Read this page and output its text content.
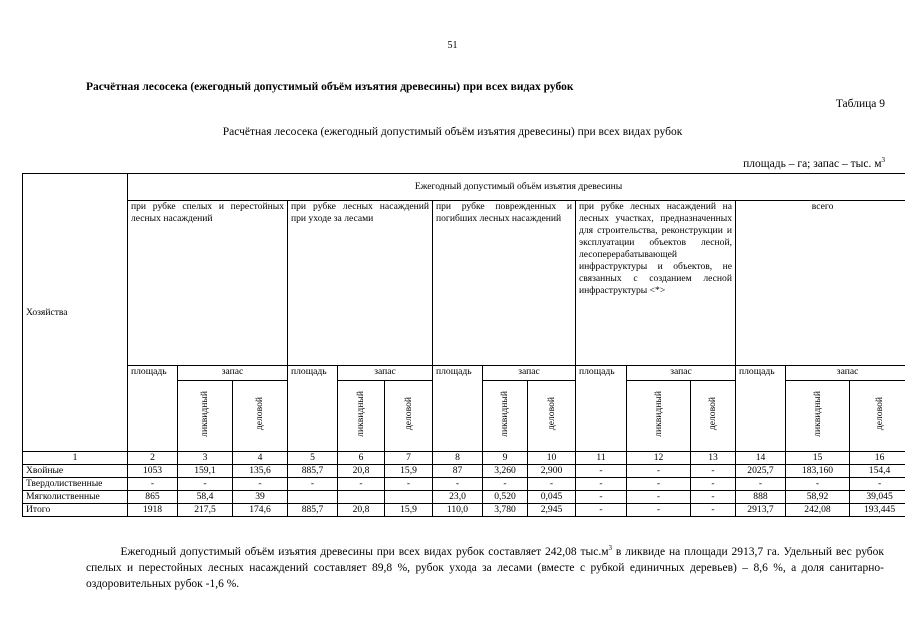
51
Расчётная лесосека (ежегодный допустимый объём изъятия древесины) при всех видах рубок
Таблица 9
Расчётная лесосека (ежегодный допустимый объём изъятия древесины) при всех видах рубок
площадь – га; запас – тыс. $м^3$
Хозяйства	Ежегодный допустимый объём изъятия древесины														
	при рубке спелых и перестойных лесных насаждений			при рубке лесных насаждений при уходе за лесами			при рубке поврежденных и погибших лесных насаждений			при рубке лесных насаждений на лесных участках, предназначенных для строительства, реконструкции и эксплуатации объектов лесной, лесоперерабатывающей инфраструктуры и объектов, не связанных с созданием лесной инфраструктуры <*>			всего		
	площадь	запас		площадь	запас		площадь	запас		площадь	запас		площадь	запас	
		ликвидный	деловой		ликвидный	деловой		ликвидный	деловой		ликвидный	деловой		ликвидный	деловой
1	2	3	4	5	6	7	8	9	10	11	12	13	14	15	16
Хвойные	1053	159,1	135,6	885,7	20,8	15,9	87	3,260	2,900	-	-	-	2025,7	183,160	154,4
Твердолиственные	-	-	-	-	-	-	-	-	-	-	-	-	-	-	-
Мягколиственные	865	58,4	39				23,0	0,520	0,045	-	-	-	888	58,92	39,045
Итого	1918	217,5	174,6	885,7	20,8	15,9	110,0	3,780	2,945	-	-	-	2913,7	242,08	193,445

   Ежегодный допустимый объём изъятия древесины при всех видах рубок составляет 242,08 $тыс.м^3$ в ликвиде на площади 2913,7 га. Удельный вес рубок спелых и перестойных лесных насаждений составляет 89,8 %, рубок ухода за лесами (вместе с рубкой единичных деревьев) – 8,6 %, а доля санитарно-оздоровительных рубок -1,6 %.
